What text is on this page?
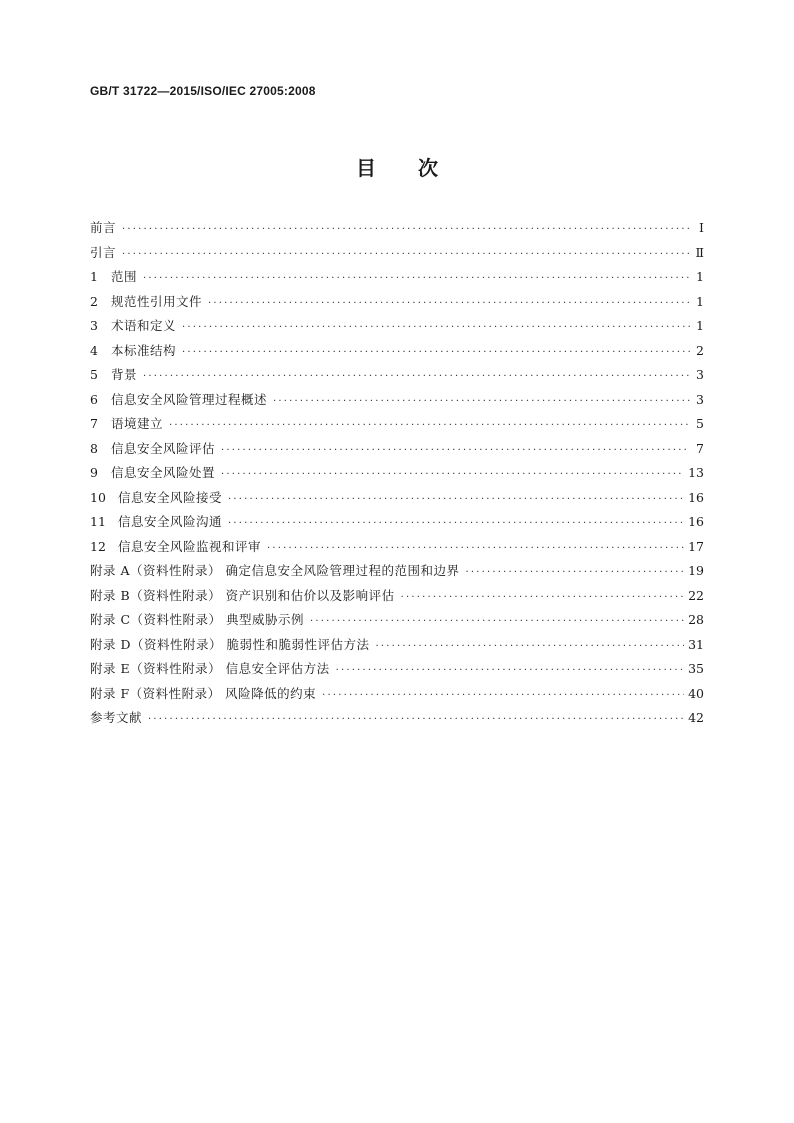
GB/T 31722—2015/ISO/IEC 27005:2008
目 次
前言 ·····	Ⅰ
引言 ·····	Ⅱ
1	范围 ·····	1
2	规范性引用文件 ·····	1
3	术语和定义 ·····	1
4	本标准结构 ·····	2
5	背景 ·····	3
6	信息安全风险管理过程概述 ·····	3
7	语境建立 ·····	5
8	信息安全风险评估 ·····	7
9	信息安全风险处置 ·····	13
10 信息安全风险接受 ·····	16
11 信息安全风险沟通 ·····	16
12 信息安全风险监视和评审 ·····	17
附录 A（资料性附录） 确定信息安全风险管理过程的范围和边界 ·····	19
附录 B（资料性附录） 资产识别和估价以及影响评估 ·····	22
附录 C（资料性附录） 典型威胁示例 ·····	28
附录 D（资料性附录） 脆弱性和脆弱性评估方法 ·····	31
附录 E（资料性附录） 信息安全评估方法 ·····	35
附录 F（资料性附录） 风险降低的约束 ·····	40
参考文献 ·····	42
